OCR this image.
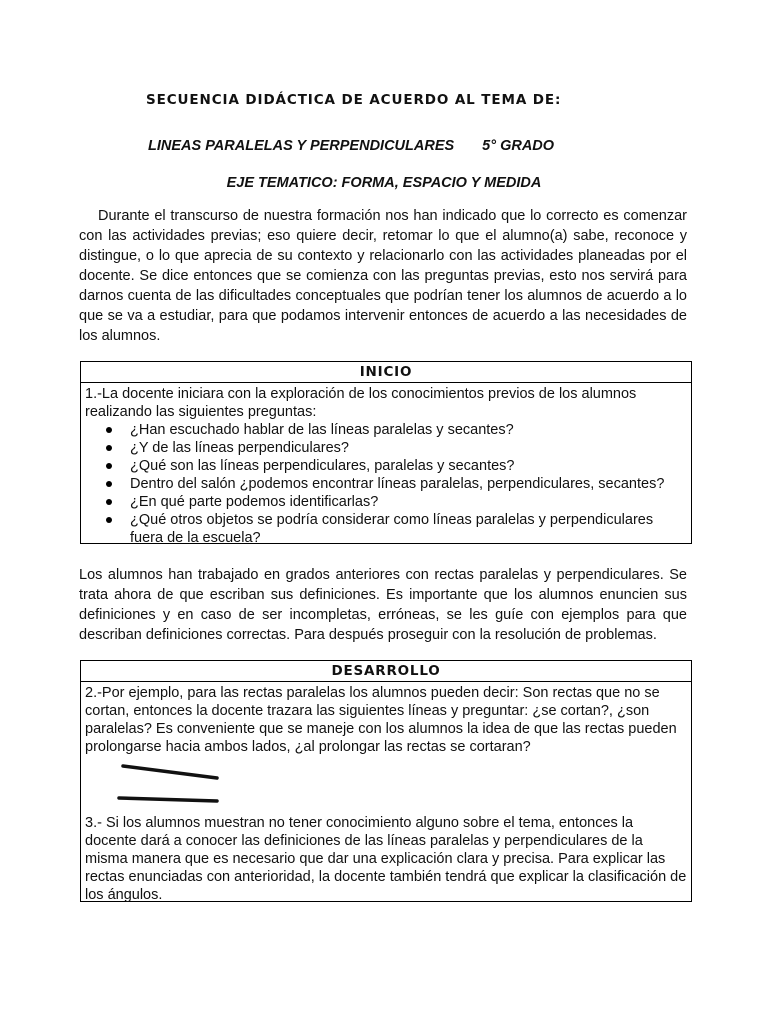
SECUENCIA DIDÁCTICA DE ACUERDO AL TEMA DE:

LINEAS PARALELAS Y PERPENDICULARES 5° GRADO

EJE TEMATICO: FORMA, ESPACIO Y MEDIDA

Durante el transcurso de nuestra formación nos han indicado que lo correcto es comenzar con las actividades previas; eso quiere decir, retomar lo que el alumno(a) sabe, reconoce y distingue, o lo que aprecia de su contexto y relacionarlo con las actividades planeadas por el docente. Se dice entonces que se comienza con las preguntas previas, esto nos servirá para darnos cuenta de las dificultades conceptuales que podrían tener los alumnos de acuerdo a lo que se va a estudiar, para que podamos intervenir entonces de acuerdo a las necesidades de los alumnos.

INICIO

1.-La docente iniciara con la exploración de los conocimientos previos de los alumnos realizando las siguientes preguntas:

¿Han escuchado hablar de las líneas paralelas y secantes?
¿Y de las líneas perpendiculares?
¿Qué son las líneas perpendiculares, paralelas y secantes?
Dentro del salón ¿podemos encontrar líneas paralelas, perpendiculares, secantes?
¿En qué parte podemos identificarlas?
¿Qué otros objetos se podría considerar como líneas paralelas y perpendiculares fuera de la escuela?

Los alumnos han trabajado en grados anteriores con rectas paralelas y perpendiculares. Se trata ahora de que escriban sus definiciones. Es importante que los alumnos enuncien sus definiciones y en caso de ser incompletas, erróneas, se les guíe con ejemplos para que describan definiciones correctas. Para después proseguir con la resolución de problemas.

DESARROLLO

2.-Por ejemplo, para las rectas paralelas los alumnos pueden decir: Son rectas que no se cortan, entonces la docente trazara las siguientes líneas y preguntar: ¿se cortan?, ¿son paralelas? Es conveniente que se maneje con los alumnos la idea de que las rectas pueden prolongarse hacia ambos lados, ¿al prolongar las rectas se cortaran?

3.- Si los alumnos muestran no tener conocimiento alguno sobre el tema, entonces la docente dará a conocer las definiciones de las líneas paralelas y perpendiculares de la misma manera que es necesario que dar una explicación clara y precisa. Para explicar las rectas enunciadas con anterioridad, la docente también tendrá que explicar la clasificación de los ángulos.
